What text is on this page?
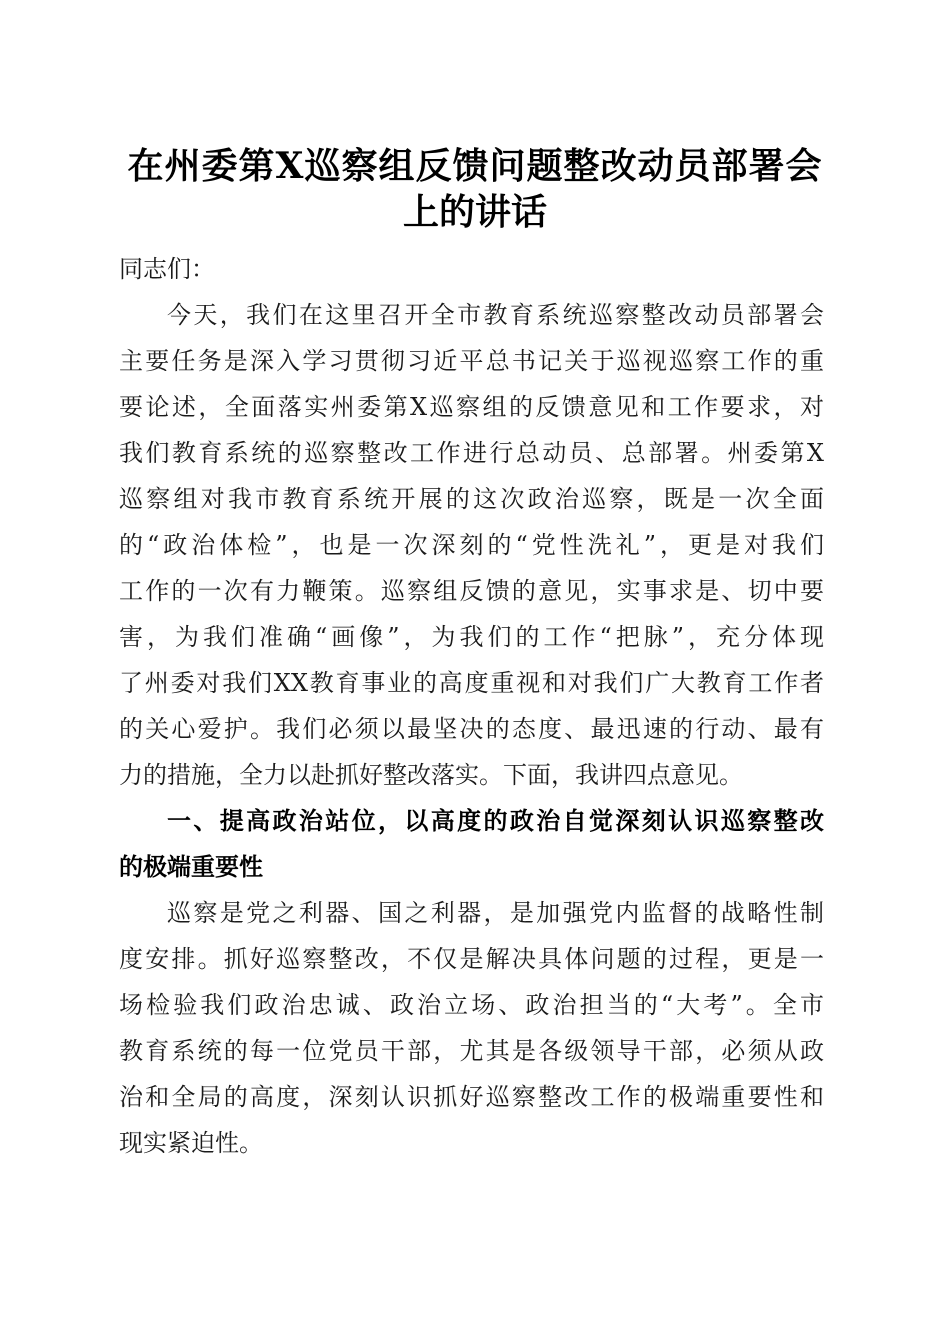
在州委第X巡察组反馈问题整改动员部署会
上的讲话
同志们：
今天，我们在这里召开全市教育系统巡察整改动员部署会
主要任务是深入学习贯彻习近平总书记关于巡视巡察工作的重
要论述，全面落实州委第X巡察组的反馈意见和工作要求，对
我们教育系统的巡察整改工作进行总动员、总部署。州委第X
巡察组对我市教育系统开展的这次政治巡察，既是一次全面
的“政治体检”，也是一次深刻的“党性洗礼”，更是对我们
工作的一次有力鞭策。巡察组反馈的意见，实事求是、切中要
害，为我们准确“画像”，为我们的工作“把脉”，充分体现
了州委对我们XX教育事业的高度重视和对我们广大教育工作者
的关心爱护。我们必须以最坚决的态度、最迅速的行动、最有
力的措施，全力以赴抓好整改落实。下面，我讲四点意见。
一、提高政治站位，以高度的政治自觉深刻认识巡察整改
的极端重要性
巡察是党之利器、国之利器，是加强党内监督的战略性制
度安排。抓好巡察整改，不仅是解决具体问题的过程，更是一
场检验我们政治忠诚、政治立场、政治担当的“大考”。全市
教育系统的每一位党员干部，尤其是各级领导干部，必须从政
治和全局的高度，深刻认识抓好巡察整改工作的极端重要性和
现实紧迫性。
